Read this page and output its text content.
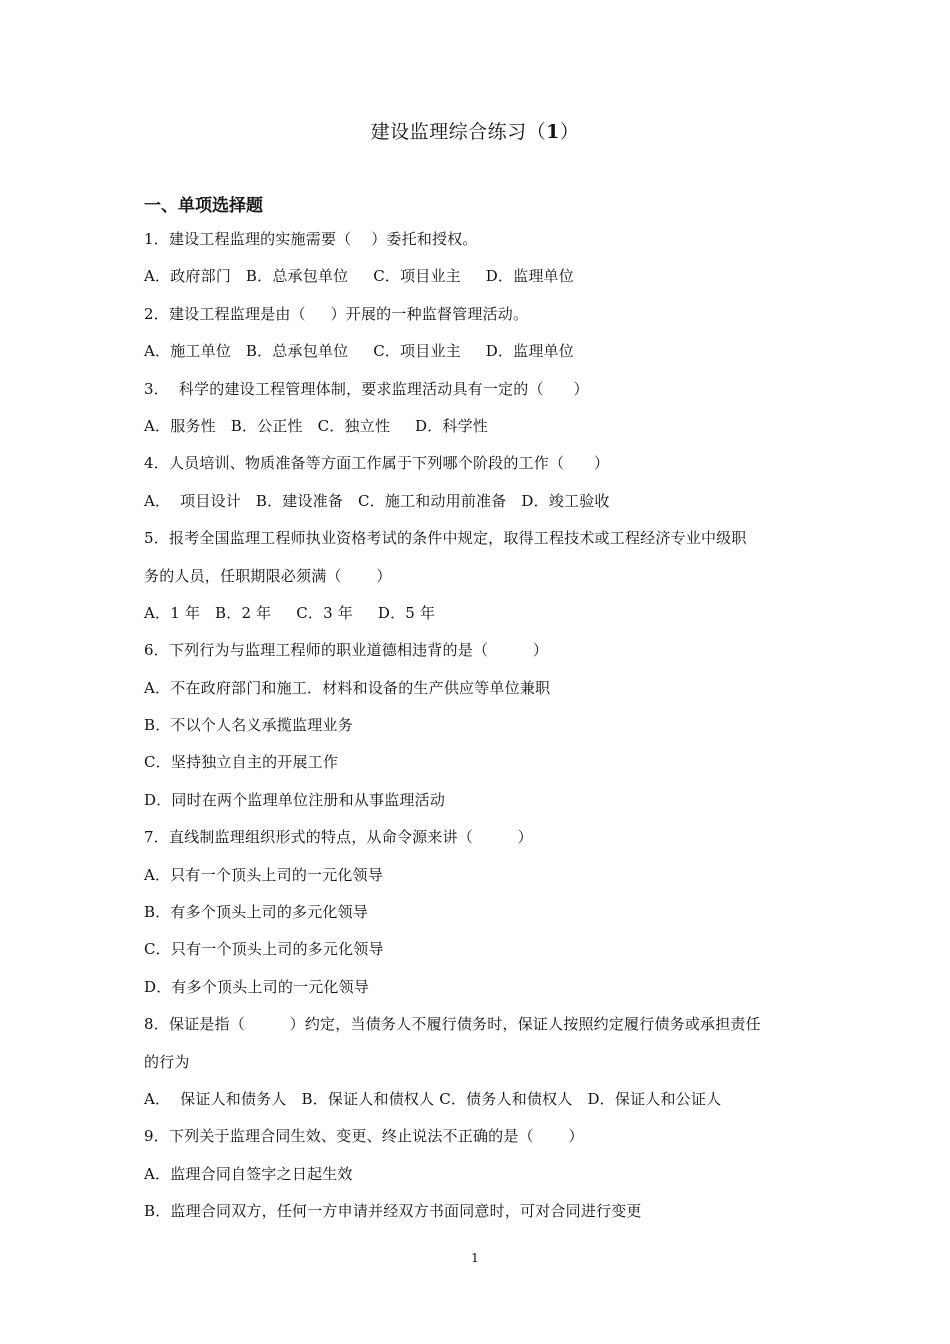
建设监理综合练习（1）
一、单项选择题
1．建设工程监理的实施需要（    ）委托和授权。
A．政府部门   B．总承包单位     C．项目业主     D．监理单位
2．建设工程监理是由（     ）开展的一种监督管理活动。
A．施工单位   B．总承包单位     C．项目业主     D．监理单位
3．  科学的建设工程管理体制，要求监理活动具有一定的（      ）
A．服务性   B．公正性   C．独立性     D．科学性
4．人员培训、物质准备等方面工作属于下列哪个阶段的工作（      ）
A．  项目设计   B．建设准备   C．施工和动用前准备   D．竣工验收
5．报考全国监理工程师执业资格考试的条件中规定，取得工程技术或工程经济专业中级职
务的人员，任职期限必须满（       ）
A．1 年   B．2 年     C．3 年     D．5 年
6．下列行为与监理工程师的职业道德相违背的是（         ）
A．不在政府部门和施工．材料和设备的生产供应等单位兼职
B．不以个人名义承揽监理业务
C．坚持独立自主的开展工作
D．同时在两个监理单位注册和从事监理活动
7．直线制监理组织形式的特点，从命令源来讲（         ）
A．只有一个顶头上司的一元化领导
B．有多个顶头上司的多元化领导
C．只有一个顶头上司的多元化领导
D．有多个顶头上司的一元化领导
8．保证是指（         ）约定，当债务人不履行债务时，保证人按照约定履行债务或承担责任
的行为
A．  保证人和债务人   B．保证人和债权人 C．债务人和债权人   D．保证人和公证人
9．下列关于监理合同生效、变更、终止说法不正确的是（       ）
A．监理合同自签字之日起生效
B．监理合同双方，任何一方申请并经双方书面同意时，可对合同进行变更
1
